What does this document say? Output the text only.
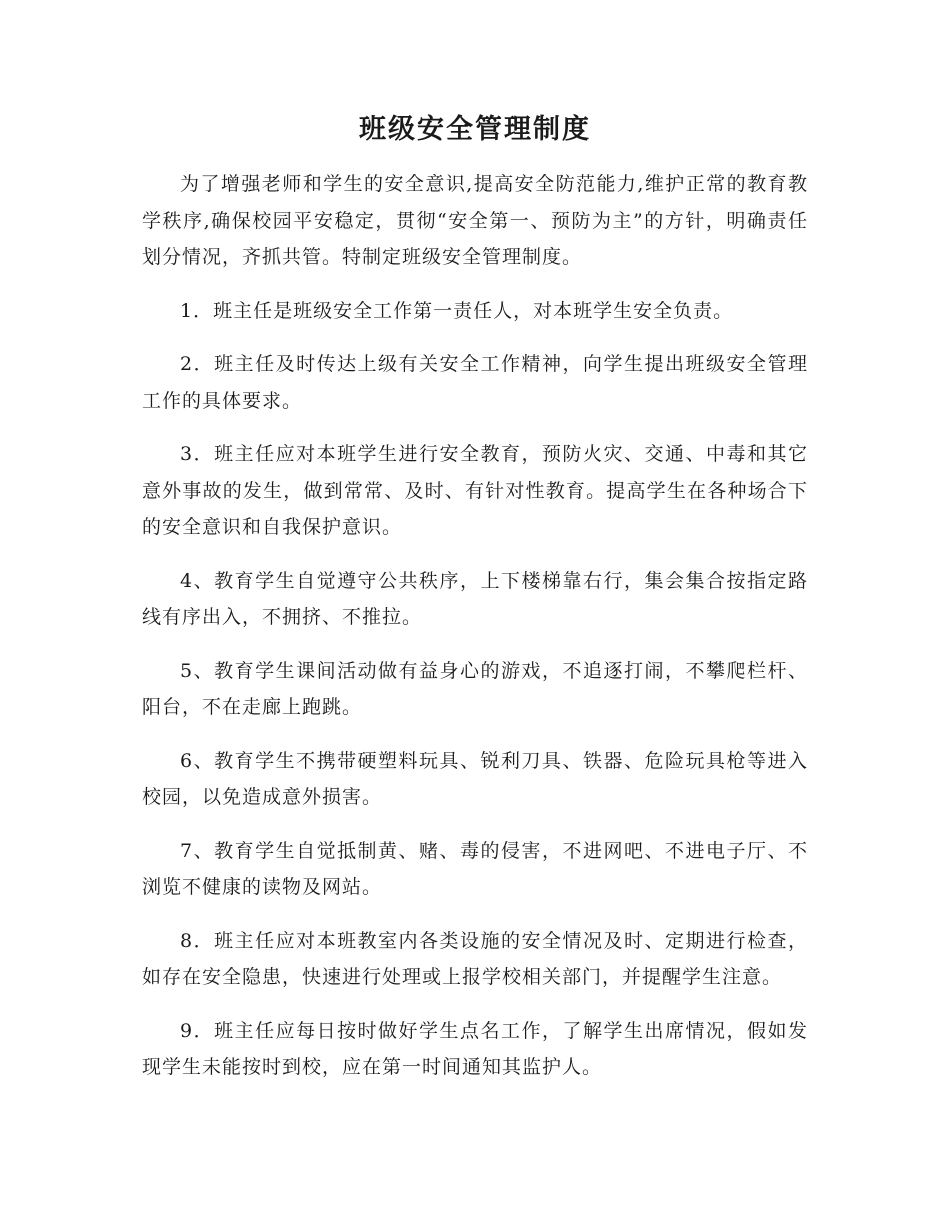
班级安全管理制度

为了增强老师和学生的安全意识,提高安全防范能力,维护正常的教育教学秩序,确保校园平安稳定，贯彻“安全第一、预防为主”的方针，明确责任划分情况，齐抓共管。特制定班级安全管理制度。

1．班主任是班级安全工作第一责任人，对本班学生安全负责。

2．班主任及时传达上级有关安全工作精神，向学生提出班级安全管理工作的具体要求。

3．班主任应对本班学生进行安全教育，预防火灾、交通、中毒和其它意外事故的发生，做到常常、及时、有针对性教育。提高学生在各种场合下的安全意识和自我保护意识。

4、教育学生自觉遵守公共秩序，上下楼梯靠右行，集会集合按指定路线有序出入，不拥挤、不推拉。

5、教育学生课间活动做有益身心的游戏，不追逐打闹，不攀爬栏杆、阳台，不在走廊上跑跳。

6、教育学生不携带硬塑料玩具、锐利刀具、铁器、危险玩具枪等进入校园，以免造成意外损害。

7、教育学生自觉抵制黄、赌、毒的侵害，不进网吧、不进电子厅、不浏览不健康的读物及网站。

8．班主任应对本班教室内各类设施的安全情况及时、定期进行检查，如存在安全隐患，快速进行处理或上报学校相关部门，并提醒学生注意。

9．班主任应每日按时做好学生点名工作，了解学生出席情况，假如发现学生未能按时到校，应在第一时间通知其监护人。
